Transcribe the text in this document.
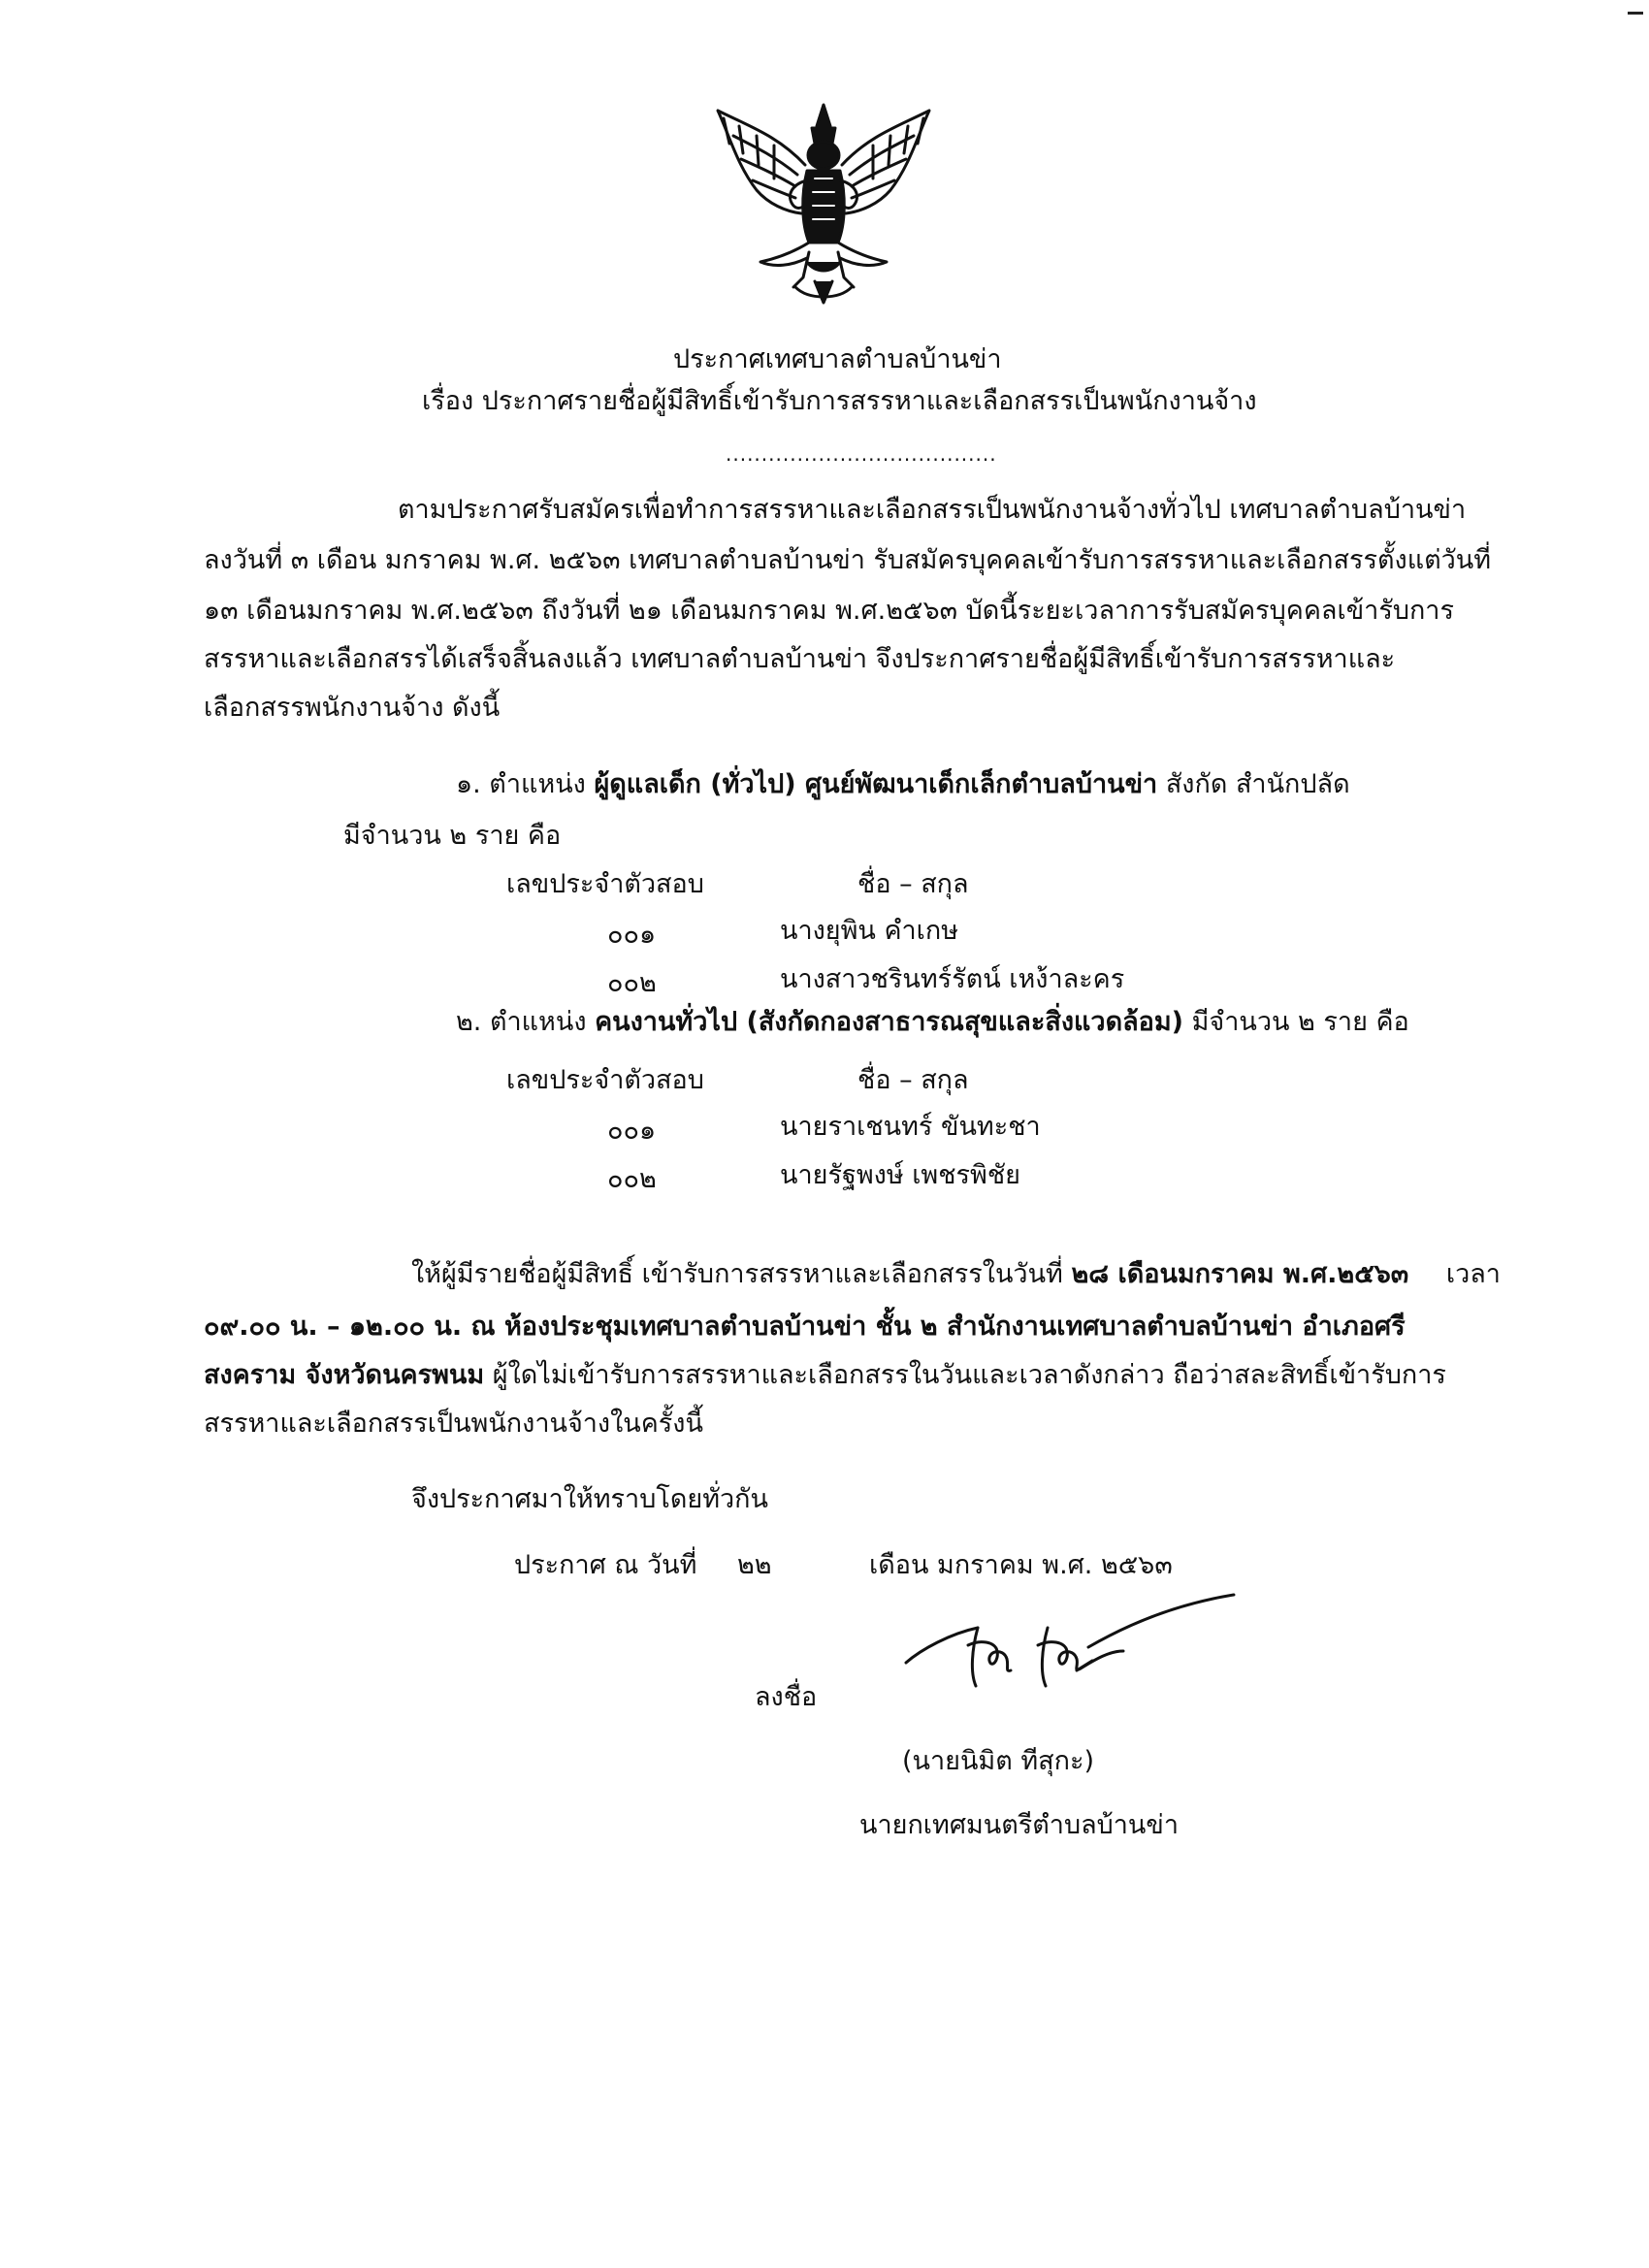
ประกาศเทศบาลตำบลบ้านข่า
เรื่อง ประกาศรายชื่อผู้มีสิทธิ์เข้ารับการสรรหาและเลือกสรรเป็นพนักงานจ้าง
......................................
ตามประกาศรับสมัครเพื่อทำการสรรหาและเลือกสรรเป็นพนักงานจ้างทั่วไป เทศบาลตำบลบ้านข่า
ลงวันที่ ๓ เดือน มกราคม พ.ศ. ๒๕๖๓ เทศบาลตำบลบ้านข่า รับสมัครบุคคลเข้ารับการสรรหาและเลือกสรรตั้งแต่วันที่
๑๓ เดือนมกราคม พ.ศ.๒๕๖๓ ถึงวันที่ ๒๑ เดือนมกราคม พ.ศ.๒๕๖๓ บัดนี้ระยะเวลาการรับสมัครบุคคลเข้ารับการ
สรรหาและเลือกสรรได้เสร็จสิ้นลงแล้ว เทศบาลตำบลบ้านข่า จึงประกาศรายชื่อผู้มีสิทธิ์เข้ารับการสรรหาและ
เลือกสรรพนักงานจ้าง ดังนี้
๑. ตำแหน่ง ผู้ดูแลเด็ก (ทั่วไป) ศูนย์พัฒนาเด็กเล็กตำบลบ้านข่า สังกัด สำนักปลัด
มีจำนวน ๒ ราย คือ
เลขประจำตัวสอบ	ชื่อ – สกุล
๐๐๑	นางยุพิน คำเกษ
๐๐๒	นางสาวชรินทร์รัตน์ เหง้าละคร
๒. ตำแหน่ง คนงานทั่วไป (สังกัดกองสาธารณสุขและสิ่งแวดล้อม) มีจำนวน ๒ ราย คือ
เลขประจำตัวสอบ	ชื่อ – สกุล
๐๐๑	นายราเชนทร์ ขันทะชา
๐๐๒	นายรัฐพงษ์ เพชรพิชัย
ให้ผู้มีรายชื่อผู้มีสิทธิ์ เข้ารับการสรรหาและเลือกสรรในวันที่ ๒๘ เดือนมกราคม พ.ศ.๒๕๖๓ เวลา
๐๙.๐๐ น. – ๑๒.๐๐ น. ณ ห้องประชุมเทศบาลตำบลบ้านข่า ชั้น ๒ สำนักงานเทศบาลตำบลบ้านข่า อำเภอศรี
สงคราม จังหวัดนครพนม ผู้ใดไม่เข้ารับการสรรหาและเลือกสรรในวันและเวลาดังกล่าว ถือว่าสละสิทธิ์เข้ารับการ
สรรหาและเลือกสรรเป็นพนักงานจ้างในครั้งนี้
จึงประกาศมาให้ทราบโดยทั่วกัน
ประกาศ ณ วันที่ ๒๒	เดือน มกราคม พ.ศ. ๒๕๖๓
ลงชื่อ
(นายนิมิต ทีสุกะ)
นายกเทศมนตรีตำบลบ้านข่า
